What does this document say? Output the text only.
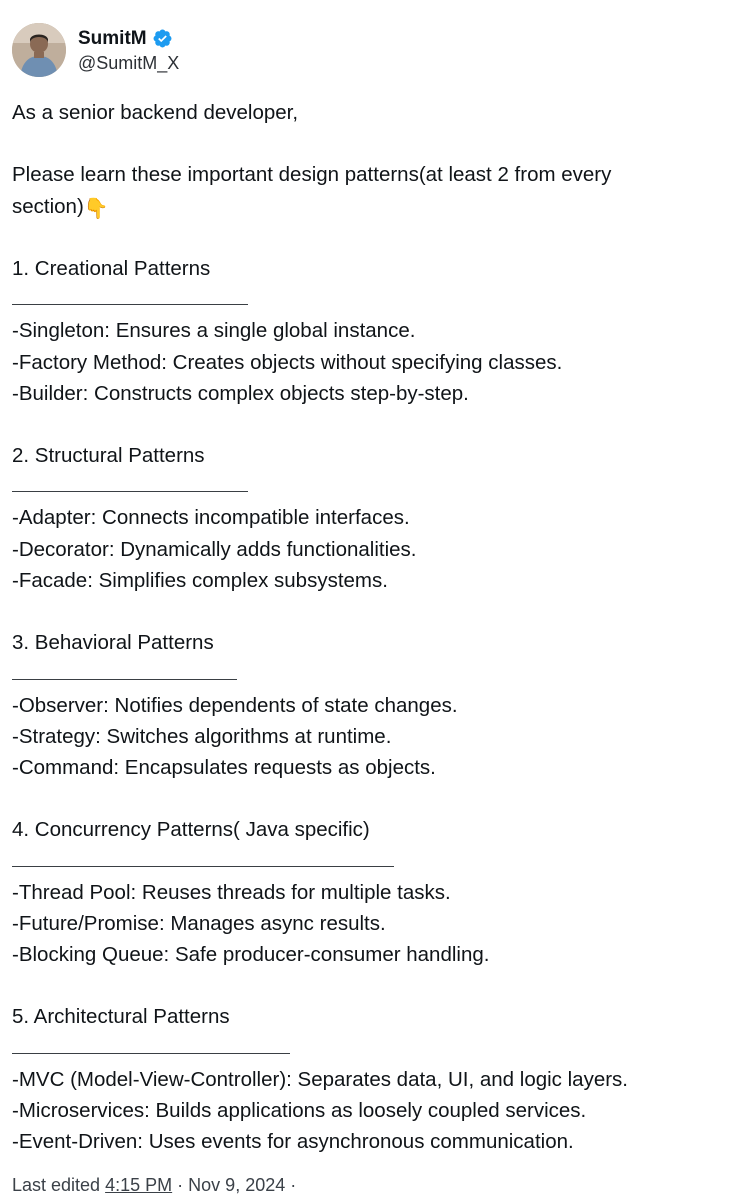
SumitM
@SumitM_X
As a senior backend developer,
Please learn these important design patterns(at least 2 from every
section)👇
1. Creational Patterns
-Singleton: Ensures a single global instance.
-Factory Method: Creates objects without specifying classes.
-Builder: Constructs complex objects step-by-step.
2. Structural Patterns
-Adapter: Connects incompatible interfaces.
-Decorator: Dynamically adds functionalities.
-Facade: Simplifies complex subsystems.
3. Behavioral Patterns
-Observer: Notifies dependents of state changes.
-Strategy: Switches algorithms at runtime.
-Command: Encapsulates requests as objects.
4. Concurrency Patterns( Java specific)
-Thread Pool: Reuses threads for multiple tasks.
-Future/Promise: Manages async results.
-Blocking Queue: Safe producer-consumer handling.
5. Architectural Patterns
-MVC (Model-View-Controller): Separates data, UI, and logic layers.
-Microservices: Builds applications as loosely coupled services.
-Event-Driven: Uses events for asynchronous communication.
Last edited 4:15 PM · Nov 9, 2024 ·
